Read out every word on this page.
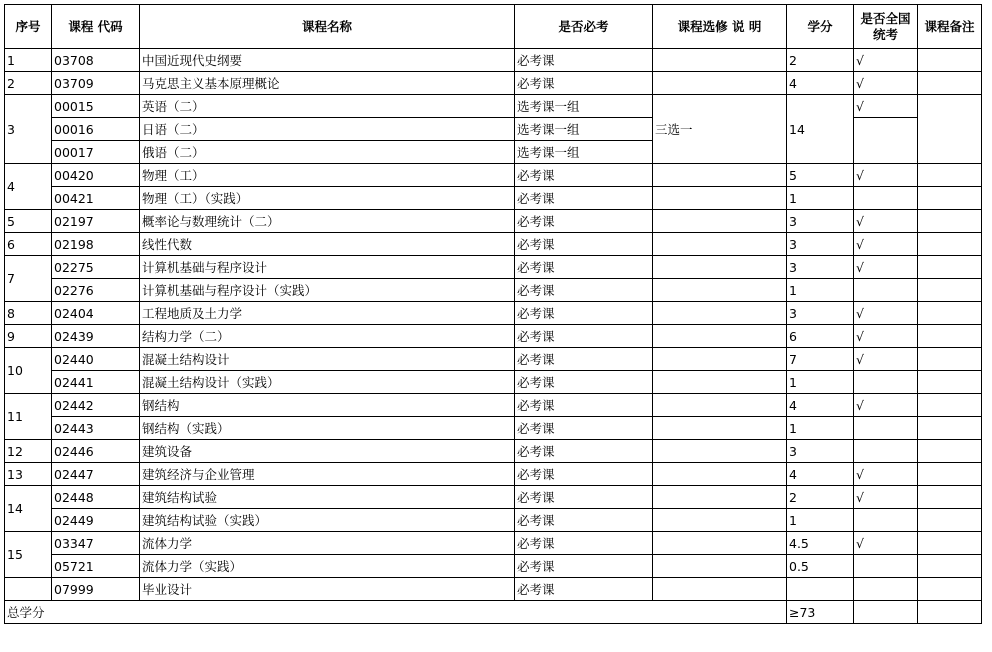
序号	课程 代码	课程名称	是否必考	课程选修 说 明	学分	是否全国统考	课程备注
1	03708	中国近现代史纲要	必考课		2	√	
2	03709	马克思主义基本原理概论	必考课		4	√	
3	00015	英语（二）	选考课一组	三选一	14	√	
	00016	日语（二）	选考课一组				
	00017	俄语（二）	选考课一组				
4	00420	物理（工）	必考课		5	√	
	00421	物理（工）（实践）	必考课		1		
5	02197	概率论与数理统计（二）	必考课		3	√	
6	02198	线性代数	必考课		3	√	
7	02275	计算机基础与程序设计	必考课		3	√	
	02276	计算机基础与程序设计（实践）	必考课		1		
8	02404	工程地质及土力学	必考课		3	√	
9	02439	结构力学（二）	必考课		6	√	
10	02440	混凝土结构设计	必考课		7	√	
	02441	混凝土结构设计（实践）	必考课		1		
11	02442	钢结构	必考课		4	√	
	02443	钢结构（实践）	必考课		1		
12	02446	建筑设备	必考课		3		
13	02447	建筑经济与企业管理	必考课		4	√	
14	02448	建筑结构试验	必考课		2	√	
	02449	建筑结构试验（实践）	必考课		1		
15	03347	流体力学	必考课		4.5	√	
	05721	流体力学（实践）	必考课		0.5		
	07999	毕业设计	必考课				
总学分					≥73		
